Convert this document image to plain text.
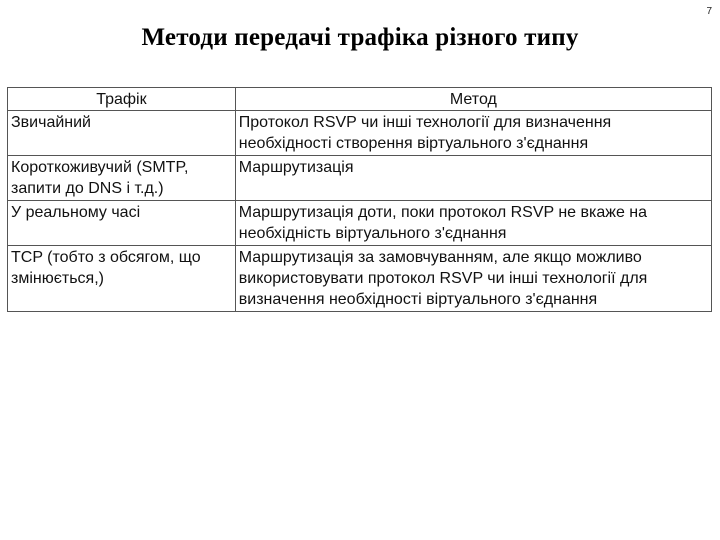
7
Методи передачі трафіка різного типу
Трафік	Метод
Звичайний	Протокол RSVP чи інші технології для визначення необхідності створення віртуального з'єднання
Короткоживучий (SMTP, запити до DNS і т.д.)	Маршрутизація
У реальному часі	Маршрутизація доти, поки протокол RSVP не вкаже на необхідність віртуального з'єднання
TCP (тобто з обсягом, що змінюється,)	Маршрутизація за замовчуванням, але якщо можливо використовувати протокол RSVP чи інші технології для визначення необхідності віртуального з'єднання
